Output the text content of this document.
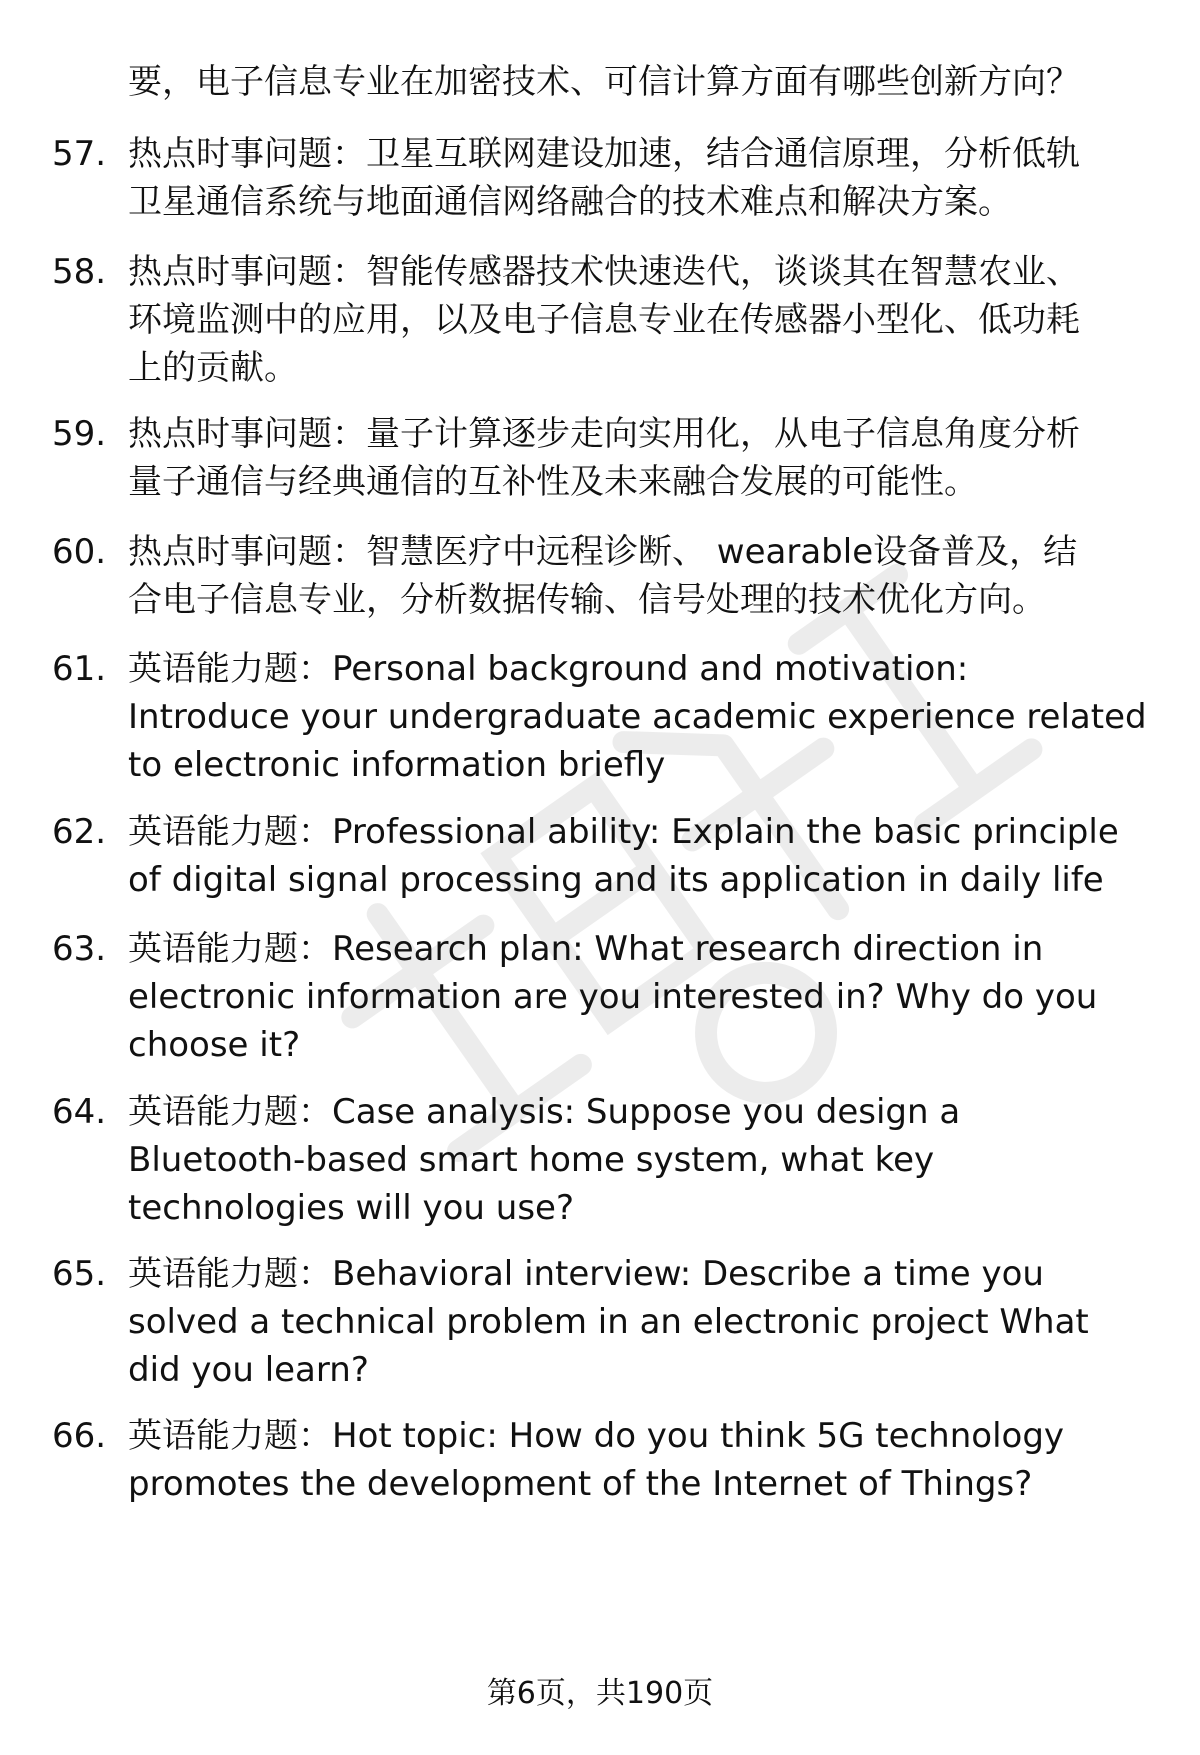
要，电子信息专业在加密技术、可信计算方面有哪些创新方向？
57. 热点时事问题：卫星互联网建设加速，结合通信原理，分析低轨
卫星通信系统与地面通信网络融合的技术难点和解决方案。
58. 热点时事问题：智能传感器技术快速迭代，谈谈其在智慧农业、
环境监测中的应用，以及电子信息专业在传感器小型化、低功耗
上的贡献。
59. 热点时事问题：量子计算逐步走向实用化，从电子信息角度分析
量子通信与经典通信的互补性及未来融合发展的可能性。
60. 热点时事问题：智慧医疗中远程诊断、 wearable设备普及，结
合电子信息专业，分析数据传输、信号处理的技术优化方向。
61. 英语能力题：Personal background and motivation:
Introduce your undergraduate academic experience related
to electronic information briefly
62. 英语能力题：Professional ability: Explain the basic principle
of digital signal processing and its application in daily life
63. 英语能力题：Research plan: What research direction in
electronic information are you interested in? Why do you
choose it?
64. 英语能力题：Case analysis: Suppose you design a
Bluetooth-based smart home system, what key
technologies will you use?
65. 英语能力题：Behavioral interview: Describe a time you
solved a technical problem in an electronic project What
did you learn?
66. 英语能力题：Hot topic: How do you think 5G technology
promotes the development of the Internet of Things?
第6页，共190页
